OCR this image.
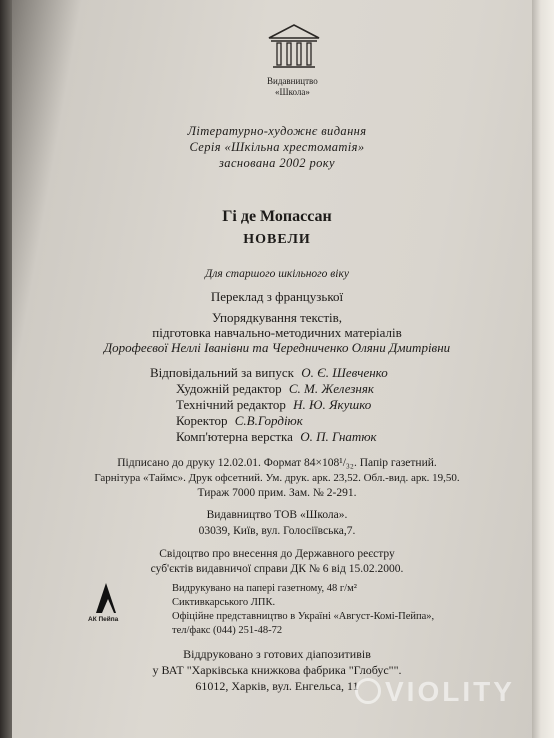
Видавництво
«Школа»
Літературно-художнє видання
Серія «Шкільна хрестоматія»
заснована 2002 року
Гі де Мопассан
НОВЕЛИ
Для старшого шкільного віку
Переклад з французької
Упорядкування текстів,
підготовка навчально-методичних матеріалів
Дорофеєвої Неллі Іванівни та Чередниченко Оляни Дмитрівни
Відповідальний за випуск О. Є. Шевченко
Художній редактор С. М. Железняк
Технічний редактор Н. Ю. Якушко
Коректор С.В.Гордіюк
Комп'ютерна верстка О. П. Гнатюк
Підписано до друку 12.02.01. Формат 84×108¹/₃₂. Папір газетний.
Гарнітура «Таймс». Друк офсетний. Ум. друк. арк. 23,52. Обл.-вид. арк. 19,50.
Тираж 7000 прим. Зам. № 2-291.
Видавництво ТОВ «Школа».
03039, Київ, вул. Голосіївська,7.
Свідоцтво про внесення до Державного реєстру
суб'єктів видавничої справи ДК № 6 від 15.02.2000.
АК Пейпа
Видрукувано на папері газетному, 48 г/м²
Сиктивкарського ЛПК.
Офіційне представництво в Україні «Август-Комі-Пейпа»,
тел/факс (044) 251-48-72
Віддруковано з готових діапозитивів
у ВАТ "Харківська книжкова фабрика "Глобус"".
61012, Харків, вул. Енгельса, 11 VIOLITY
